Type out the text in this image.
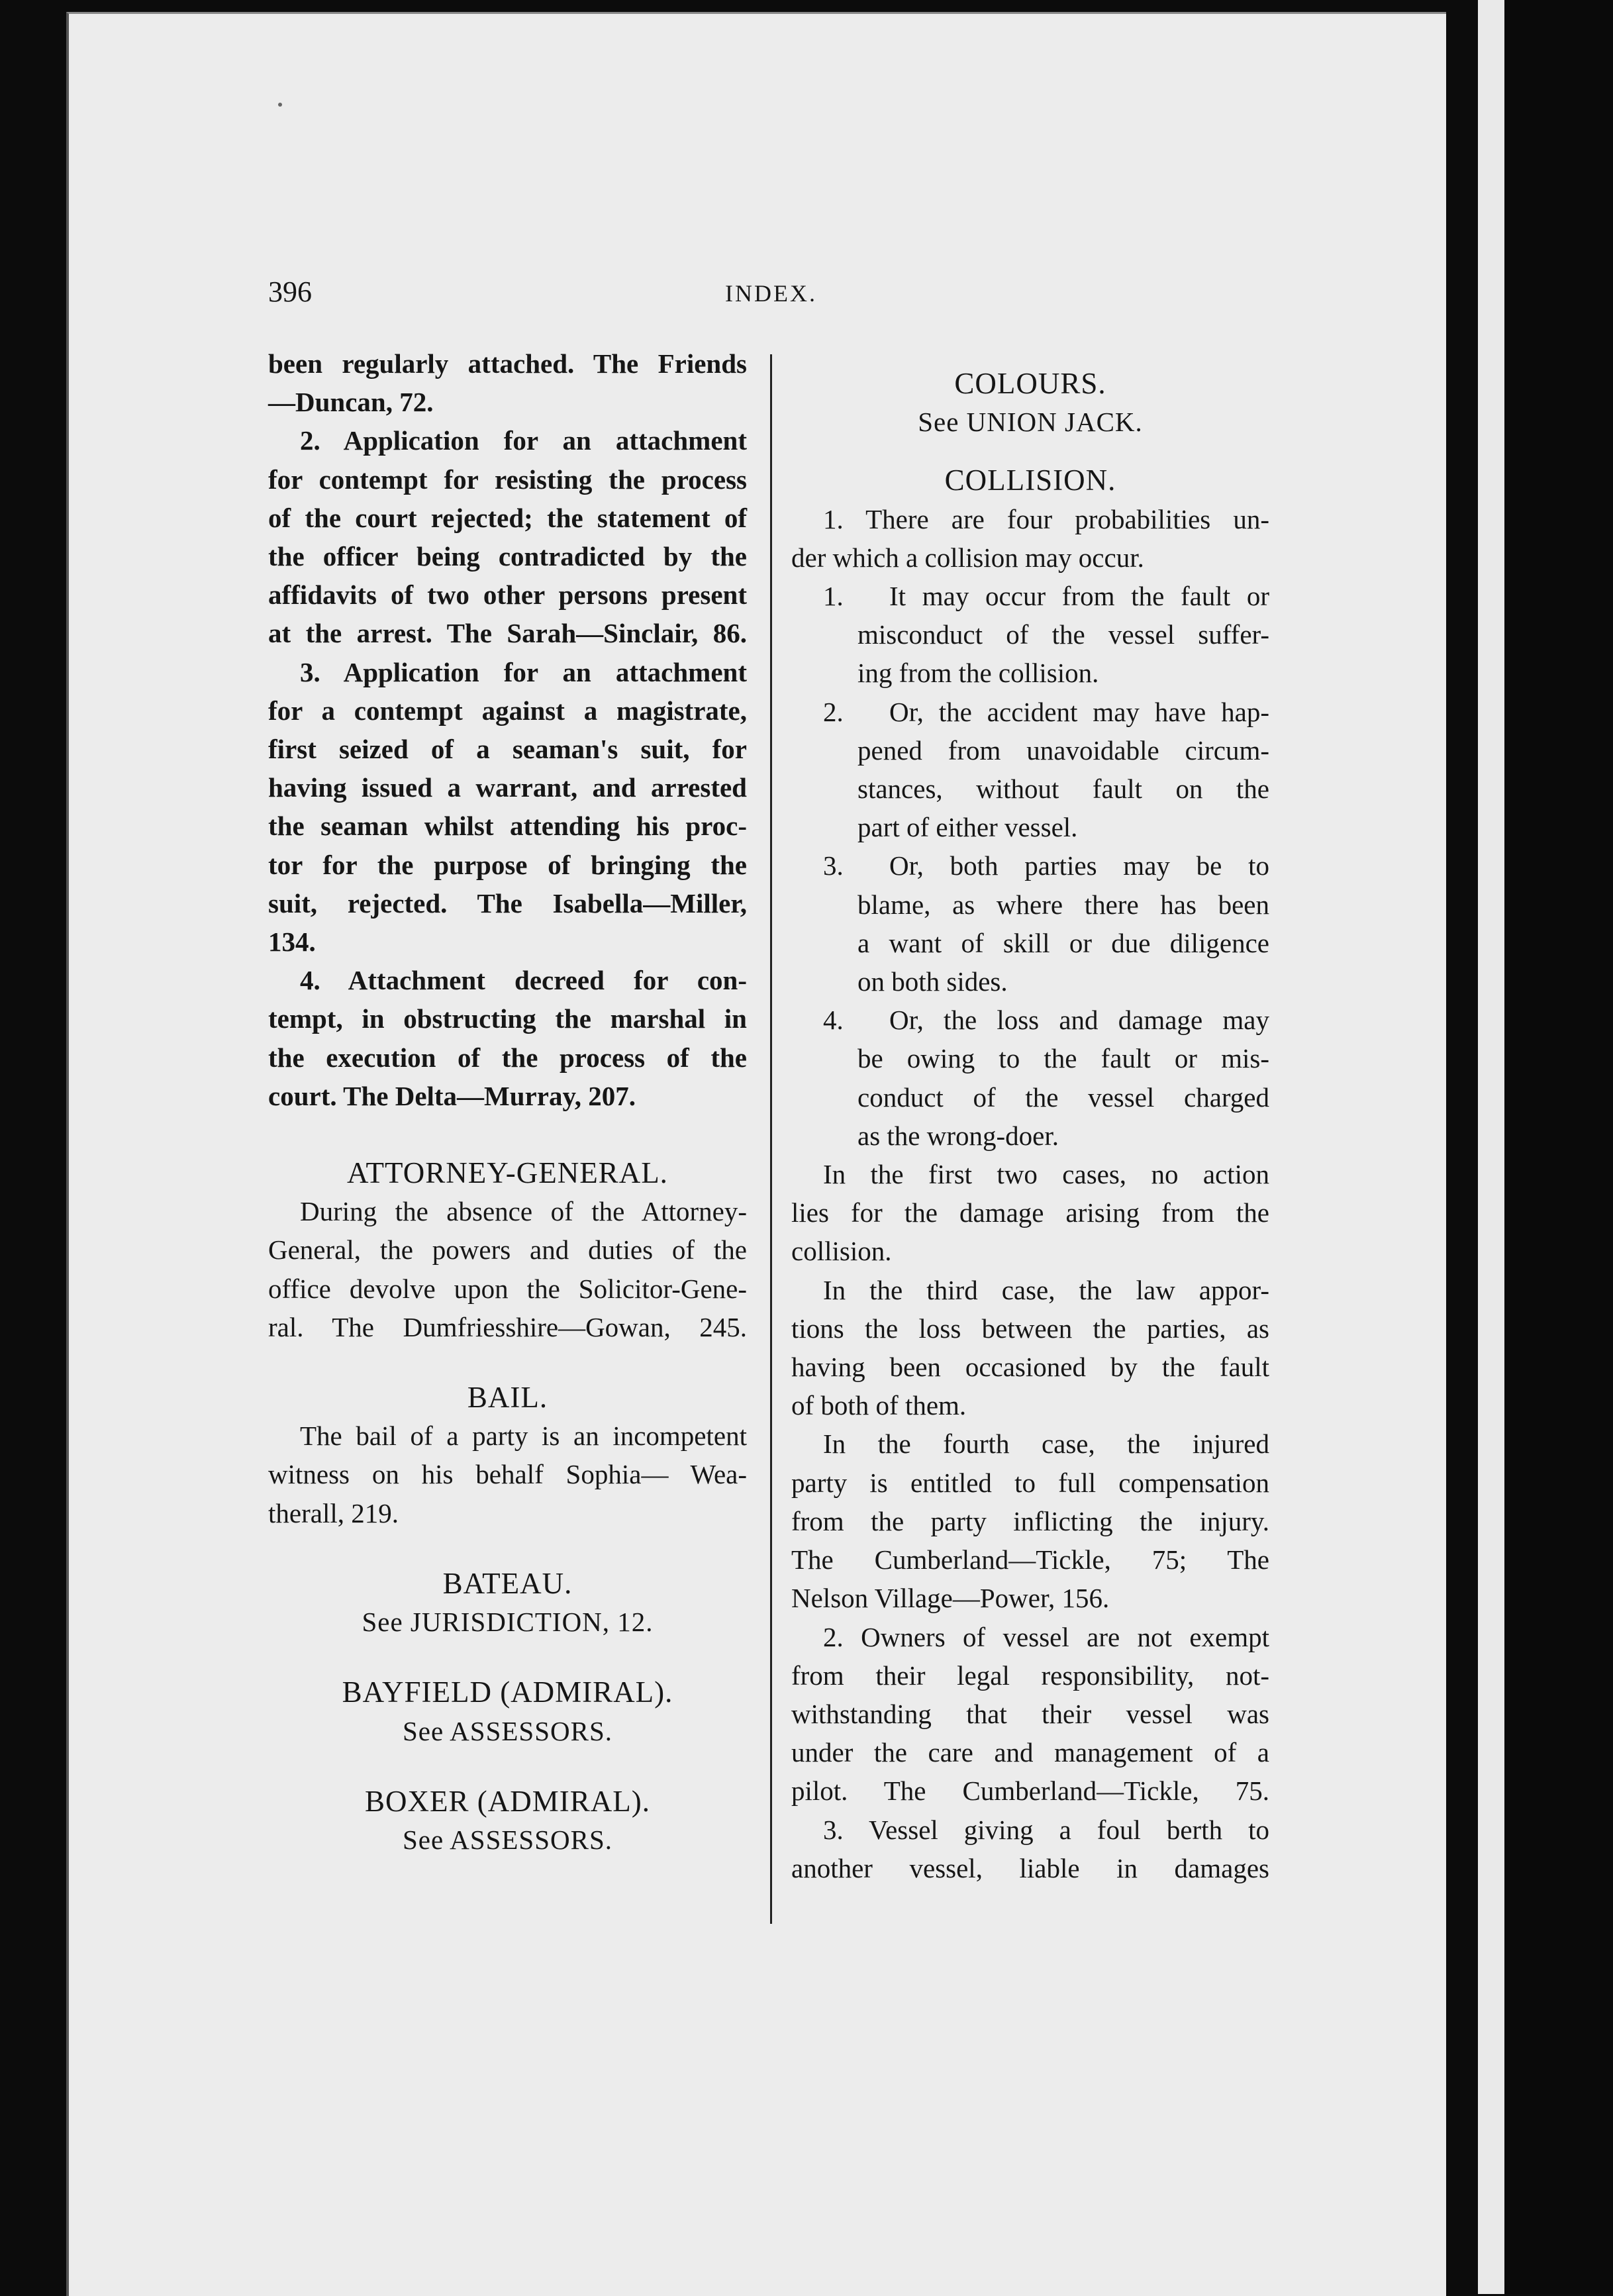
396	INDEX.

been regularly attached. The Friends

—Duncan, 72.

2. Application for an attachment

for contempt for resisting the process

of the court rejected; the statement of

the officer being contradicted by the

affidavits of two other persons present

at the arrest. The Sarah—Sinclair, 86.

3. Application for an attachment

for a contempt against a magistrate,

first seized of a seaman's suit, for

having issued a warrant, and arrested

the seaman whilst attending his proc-

tor for the purpose of bringing the

suit, rejected. The Isabella—Miller,

134.

4. Attachment decreed for con-

tempt, in obstructing the marshal in

the execution of the process of the

court. The Delta—Murray, 207.

ATTORNEY-GENERAL.

During the absence of the Attorney-

General, the powers and duties of the

office devolve upon the Solicitor-Gene-

ral. The Dumfriesshire—Gowan, 245.

BAIL.

The bail of a party is an incompetent

witness on his behalf Sophia— Wea-

therall, 219.

BATEAU.

See JURISDICTION, 12.

BAYFIELD (ADMIRAL).

See ASSESSORS.

BOXER (ADMIRAL).

See ASSESSORS.

COLOURS.

See UNION JACK.

COLLISION.

1. There are four probabilities un-

der which a collision may occur.

1. It may occur from the fault or

misconduct of the vessel suffer-

ing from the collision.

2. Or, the accident may have hap-

pened from unavoidable circum-

stances, without fault on the

part of either vessel.

3. Or, both parties may be to

blame, as where there has been

a want of skill or due diligence

on both sides.

4. Or, the loss and damage may

be owing to the fault or mis-

conduct of the vessel charged

as the wrong-doer.

In the first two cases, no action

lies for the damage arising from the

collision.

In the third case, the law appor-

tions the loss between the parties, as

having been occasioned by the fault

of both of them.

In the fourth case, the injured

party is entitled to full compensation

from the party inflicting the injury.

The Cumberland—Tickle, 75; The

Nelson Village—Power, 156.

2. Owners of vessel are not exempt

from their legal responsibility, not-

withstanding that their vessel was

under the care and management of a

pilot. The Cumberland—Tickle, 75.

3. Vessel giving a foul berth to

another vessel, liable in damages
